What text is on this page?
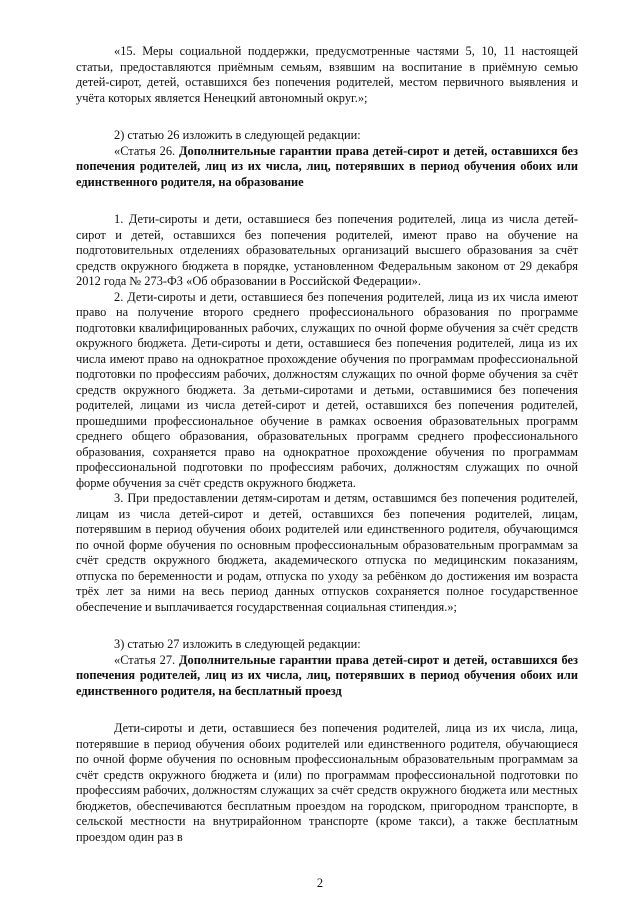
«15. Меры социальной поддержки, предусмотренные частями 5, 10, 11 настоящей статьи, предоставляются приёмным семьям, взявшим на воспитание в приёмную семью детей-сирот, детей, оставшихся без попечения родителей, местом первичного выявления и учёта которых является Ненецкий автономный округ.»;

2) статью 26 изложить в следующей редакции:

«Статья 26. Дополнительные гарантии права детей-сирот и детей, оставшихся без попечения родителей, лиц из их числа, лиц, потерявших в период обучения обоих или единственного родителя, на образование

1. Дети-сироты и дети, оставшиеся без попечения родителей, лица из числа детей-сирот и детей, оставшихся без попечения родителей, имеют право на обучение на подготовительных отделениях образовательных организаций высшего образования за счёт средств окружного бюджета в порядке, установленном Федеральным законом от 29 декабря 2012 года № 273-ФЗ «Об образовании в Российской Федерации».

2. Дети-сироты и дети, оставшиеся без попечения родителей, лица из их числа имеют право на получение второго среднего профессионального образования по программе подготовки квалифицированных рабочих, служащих по очной форме обучения за счёт средств окружного бюджета. Дети-сироты и дети, оставшиеся без попечения родителей, лица из их числа имеют право на однократное прохождение обучения по программам профессиональной подготовки по профессиям рабочих, должностям служащих по очной форме обучения за счёт средств окружного бюджета. За детьми-сиротами и детьми, оставшимися без попечения родителей, лицами из числа детей-сирот и детей, оставшихся без попечения родителей, прошедшими профессиональное обучение в рамках освоения образовательных программ среднего общего образования, образовательных программ среднего профессионального образования, сохраняется право на однократное прохождение обучения по программам профессиональной подготовки по профессиям рабочих, должностям служащих по очной форме обучения за счёт средств окружного бюджета.

3. При предоставлении детям-сиротам и детям, оставшимся без попечения родителей, лицам из числа детей-сирот и детей, оставшихся без попечения родителей, лицам, потерявшим в период обучения обоих родителей или единственного родителя, обучающимся по очной форме обучения по основным профессиональным образовательным программам за счёт средств окружного бюджета, академического отпуска по медицинским показаниям, отпуска по беременности и родам, отпуска по уходу за ребёнком до достижения им возраста трёх лет за ними на весь период данных отпусков сохраняется полное государственное обеспечение и выплачивается государственная социальная стипендия.»;

3) статью 27 изложить в следующей редакции:

«Статья 27. Дополнительные гарантии права детей-сирот и детей, оставшихся без попечения родителей, лиц из их числа, лиц, потерявших в период обучения обоих или единственного родителя, на бесплатный проезд

Дети-сироты и дети, оставшиеся без попечения родителей, лица из их числа, лица, потерявшие в период обучения обоих родителей или единственного родителя, обучающиеся по очной форме обучения по основным профессиональным образовательным программам за счёт средств окружного бюджета и (или) по программам профессиональной подготовки по профессиям рабочих, должностям служащих за счёт средств окружного бюджета или местных бюджетов, обеспечиваются бесплатным проездом на городском, пригородном транспорте, в сельской местности на внутрирайонном транспорте (кроме такси), а также бесплатным проездом один раз в

2
